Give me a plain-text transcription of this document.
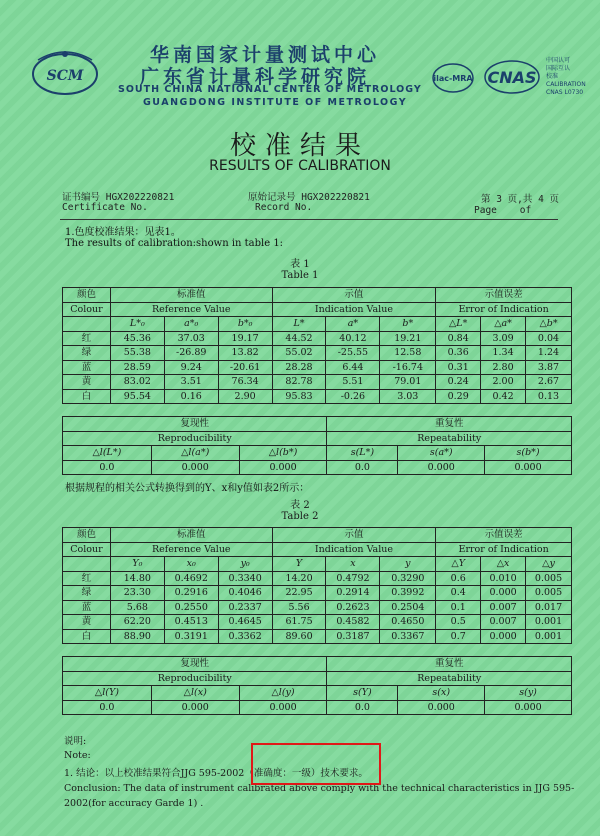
SCM
华南国家计量测试中心
广东省计量科学研究院
SOUTH CHINA NATIONAL CENTER OF METROLOGY
GUANGDONG INSTITUTE OF METROLOGY
ilac-MRA CNAS
中国认可
国际互认
校准
CALIBRATION
CNAS L0730
校准结果
RESULTS OF CALIBRATION
证书编号 HGX202220821
Certificate No.
原始记录号 HGX202220821
Record No.
第 3 页,共 4 页
Page    of
1.色度校准结果：见表1。
The results of calibration:shown in table 1:
表 1
Table 1
颜色	标准值			示值			示值误差		
Colour	Reference Value			Indication Value			Error of Indication		
	L*₀	a*₀	b*₀	L*	a*	b*	△L*	△a*	△b*
红	45.36	37.03	19.17	44.52	40.12	19.21	0.84	3.09	0.04
绿	55.38	-26.89	13.82	55.02	-25.55	12.58	0.36	1.34	1.24
蓝	28.59	9.24	-20.61	28.28	6.44	-16.74	0.31	2.80	3.87
黄	83.02	3.51	76.34	82.78	5.51	79.01	0.24	2.00	2.67
白	95.54	0.16	2.90	95.83	-0.26	3.03	0.29	0.42	0.13
复现性			重复性		
Reproducibility			Repeatability		
△l(L*)	△l(a*)	△l(b*)	s(L*)	s(a*)	s(b*)
0.0	0.000	0.000	0.0	0.000	0.000
根据规程的相关公式转换得到的Y、x和y值如表2所示：
表 2
Table 2
颜色	标准值			示值			示值误差		
Colour	Reference Value			Indication Value			Error of Indication		
	Y₀	x₀	y₀	Y	x	y	△Y	△x	△y
红	14.80	0.4692	0.3340	14.20	0.4792	0.3290	0.6	0.010	0.005
绿	23.30	0.2916	0.4046	22.95	0.2914	0.3992	0.4	0.000	0.005
蓝	5.68	0.2550	0.2337	5.56	0.2623	0.2504	0.1	0.007	0.017
黄	62.20	0.4513	0.4645	61.75	0.4582	0.4650	0.5	0.007	0.001
白	88.90	0.3191	0.3362	89.60	0.3187	0.3367	0.7	0.000	0.001
复现性			重复性		
Reproducibility			Repeatability		
△l(Y)	△l(x)	△l(y)	s(Y)	s(x)	s(y)
0.0	0.000	0.000	0.0	0.000	0.000
说明:
Note:
1. 结论：以上校准结果符合JJG 595-2002（准确度：一级）技术要求。
Conclusion: The data of instrument calibrated above comply with the technical characteristics in JJG 595-
2002(for accuracy Garde 1) .
